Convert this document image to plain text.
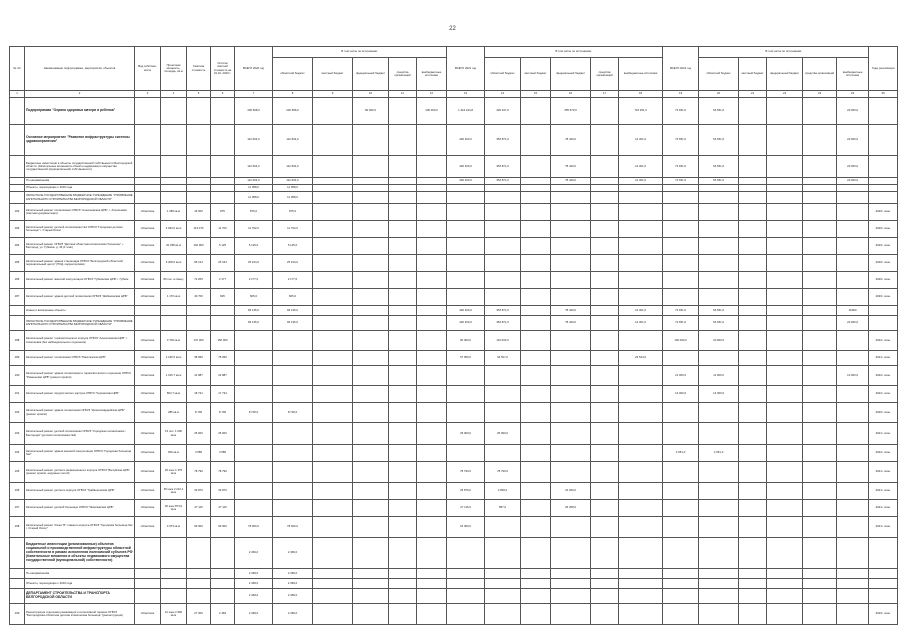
22
№ п/п	Наименование подпрограммы, мероприятия, объектов	Вид собствен-ности	Проектная мощность, площадь, кв.м	Сметная стоимость	Остаток сметной стоимости на 01.01. 2020 г.	ВСЕГО 2020 год	В том числе по источникам:					ВСЕГО 2021 год	В том числе по источникам:					ВСЕГО 2022 год	В том числе по источникам:					Годы реализации
							областной бюджет	местный бюджет	федеральный бюджет	средства организаций	внебюджетные источники		областной бюджет	местный бюджет	федеральный бюджет	средства организаций	внебюджетные источники		областной бюджет	местный бюджет	федеральный бюджет	средства организаций	внебюджетные источники	
1	2	3	4	5	6	7	8	9	10	11	12	13	14	15	16	17	18	19	20	21	22	23	24	25
	Подпрограмма "Охрана здоровья матери и ребенка"					436 668,0	246 596,0		90 000,0		100 000,0	1 416 244,8	426 347,0		255 579,0		734 251,0	74 651,0	54 651,0				20 000,0	
	Основное мероприятие "Развитие инфраструктуры системы здравоохранения"					112 604,0	112 604,0					446 200,0	353 871,0		78 426,0		14 301,0	74 651,0	54 651,0				20 000,0	
	Бюджетные инвестиции в объекты государственной собственности Белгородской области. (Капитальные вложения в объекты недвижимого имущества государственной (муниципальной) собственности)					112 604,0	112 604,0					446 200,0	353 871,0		78 426,0		14 301,0	74 651,0	54 651,0				20 000,0	
	По направлениям					112 604,0	112 604,0					446 200,0	353 871,0		78 426,0		14 301,0	74 651,0	54 651,0				20 000,0	
	Объекты, переходящие с 2019 года					11 058,0	11 058,0																	
	ОБЛАСТНОЕ ГОСУДАРСТВЕННОЕ БЮДЖЕТНОЕ УЧРЕЖДЕНИЕ "УПРАВЛЕНИЕ КАПИТАЛЬНОГО СТРОИТЕЛЬСТВА БЕЛГОРОДСКОЙ ОБЛАСТИ"					11 058,0	11 058,0																	
182	Капитальный ремонт поликлиники ОГБУЗ "Алексеевская ЦРБ", г. Алексеевка (сметная документация)	областная	1 280 кв.м	16 000	875	875,0	875,0																	2020г. окон.
183	Капитальный ремонт детской поликлиники №1 ОГБУЗ "Городская детская больница" г. Старый Оскол	областная	4 923,6 кв.м	113 070	11 762	11 762,0	11 762,0																	2020г. окон.
184	Капитальный ремонт ОГБУЗ "Детская областная клиническая больница", г. Белгород, ул. Губкина, д. 46 (1 этап)	областная	20 258 кв.м	104 960	5 125	5 125,0	5 125,0																	2020г. окон.
185	Капитальный ремонт здания стационара ОГБУЗ "Белгородский областной перинатальный центр" (ПСД, корректировка)	областная	9 208,6 кв.м	95 124	25 164	25 164,0	25 164,0																	2020г. окон.
186	Капитальный ремонт женской консультации ОГБУЗ "Губкинская ЦРБ" г. Губкин	областная	80 пос. в смену	72 205	2 177	2 177,0	2 177,0																	2020г. окон.
187	Капитальный ремонт здания детской поликлиники ОГБУЗ "Шебекинская ЦРБ"	областная	1 170 кв.м	40 700	825	825,0	825,0																	2020г. окон.
	Новые и включенные объекты					96 135,0	96 135,0					446 200,0	353 871,0		78 426,0		14 301,0	74 651,0	54 651,0				20000	
	ОБЛАСТНОЕ ГОСУДАРСТВЕННОЕ БЮДЖЕТНОЕ УЧРЕЖДЕНИЕ "УПРАВЛЕНИЕ КАПИТАЛЬНОГО СТРОИТЕЛЬСТВА БЕЛГОРОДСКОЙ ОБЛАСТИ"					96 135,0	96 135,0					446 200,0	353 871,0		78 426,0		14 301,0	74 651,0	54 651,0				20 000,0	
188	Капитальный ремонт терапевтического корпуса ОГБУЗ "Алексеевская ЦРБ" г. Алексеевка (без наблюдательного отделения)	областная	3 700 кв.м	170 000	150 000							60 000,0	110 000,0					100 000,0	20 000,0					2022г. окон.
189	Капитальный ремонт поликлиники ОГБУЗ "Ракитянская ЦРБ"	областная	2 160,5 кв.м	38 950	78 050							57 950,0	34 527,0				23 524,0							2021г. окон.
190	Капитальный ремонт здания поликлиники и терапевтического отделения ОГБУЗ "Ровеньская ЦРБ" (ремонт кровли)	областная	1 015,7 кв.м	41 887	24 887													21 000,0	11 000,0				10 000,0	2022г. окон.
191	Капитальный ремонт хирургического корпуса ОГБУЗ "Чернянская ЦРБ"	областная	804,7 кв.м	18 721	17 734													14 000,0	14 000,0					2022г. окон.
192	Капитальный ремонт здания поликлиники ОГБУЗ "Красногвардейская ЦРБ" (ремонт кровли)	областная	285 кв.м	8 700	8 700	8 700,0	8 700,0																	2020г. окон.
193	Капитальный ремонт детской поликлиники ОГБУЗ "Городская поликлиника г. Белгорода" (детская поликлиника №4)	областная	15 пос. 1 600 кв.м	25 000	25 000							25 000,0	25 000,0											2021г. окон.
194	Капитальный ремонт здания женской консультации ОГБУЗ "Городская больница №2"	областная	840 кв.м	4 580	4 580													4 651,0	4 651,0					2022г. окон.
195	Капитальный ремонт детского инфекционного корпуса ОГБУЗ "Валуйская ЦРБ" (ремонт кровли, наружных сетей)	областная	25 коек 1 375 кв.м	78 790	78 790							78 790,0	78 790,0											2021г. окон.
196	Капитальный ремонт детского корпуса ОГБУЗ "Грайворонская ЦРБ"	областная	35 коек 2 212,1 кв.м	33 870	33 870							33 870,0	2 830,0		31 040,0									2021г. окон.
197	Капитальный ремонт детской больницы ОГБУЗ "Яковлевская ЦРБ"	областная	30 коек 873,9 кв.м	27 115	27 115							27 115,0	857,0		26 258,0									2021г. окон.
198	Капитальный ремонт блока "Б" главного корпуса ОГБУЗ "Городская больница №1 г. Старый Оскол"	областная	4 973 кв.м	93 000	93 000	78 000,0	78 000,0					16 000,0												2021г. окон.
	Бюджетные инвестиции (реализованные) объектов социальной и производственной инфраструктуры областной собственности в рамках исполнения полномочий субъекта РФ (Капитальные вложения в объекты недвижимого имущества государственной (муниципальной) собственности)					2 469,0	2 469,0																	
	По направлениям					2 469,0	2 469,0																	
	Объекты, переходящие с 2019 года					2 469,0	2 469,0																	
	ДЕПАРТАМЕНТ СТРОИТЕЛЬСТВА И ТРАНСПОРТА БЕЛГОРОДСКОЙ ОБЛАСТИ					2 469,0	2 469,0																	
199	Реконструкция отделения реанимации и интенсивной терапии ОГБУЗ "Белгородская областная детская клиническая больница" (реконструкция)	областная	12 коек 2 900 кв.м	27 000	2 469	2 469,0	2 469,0																	2020г. окон.
